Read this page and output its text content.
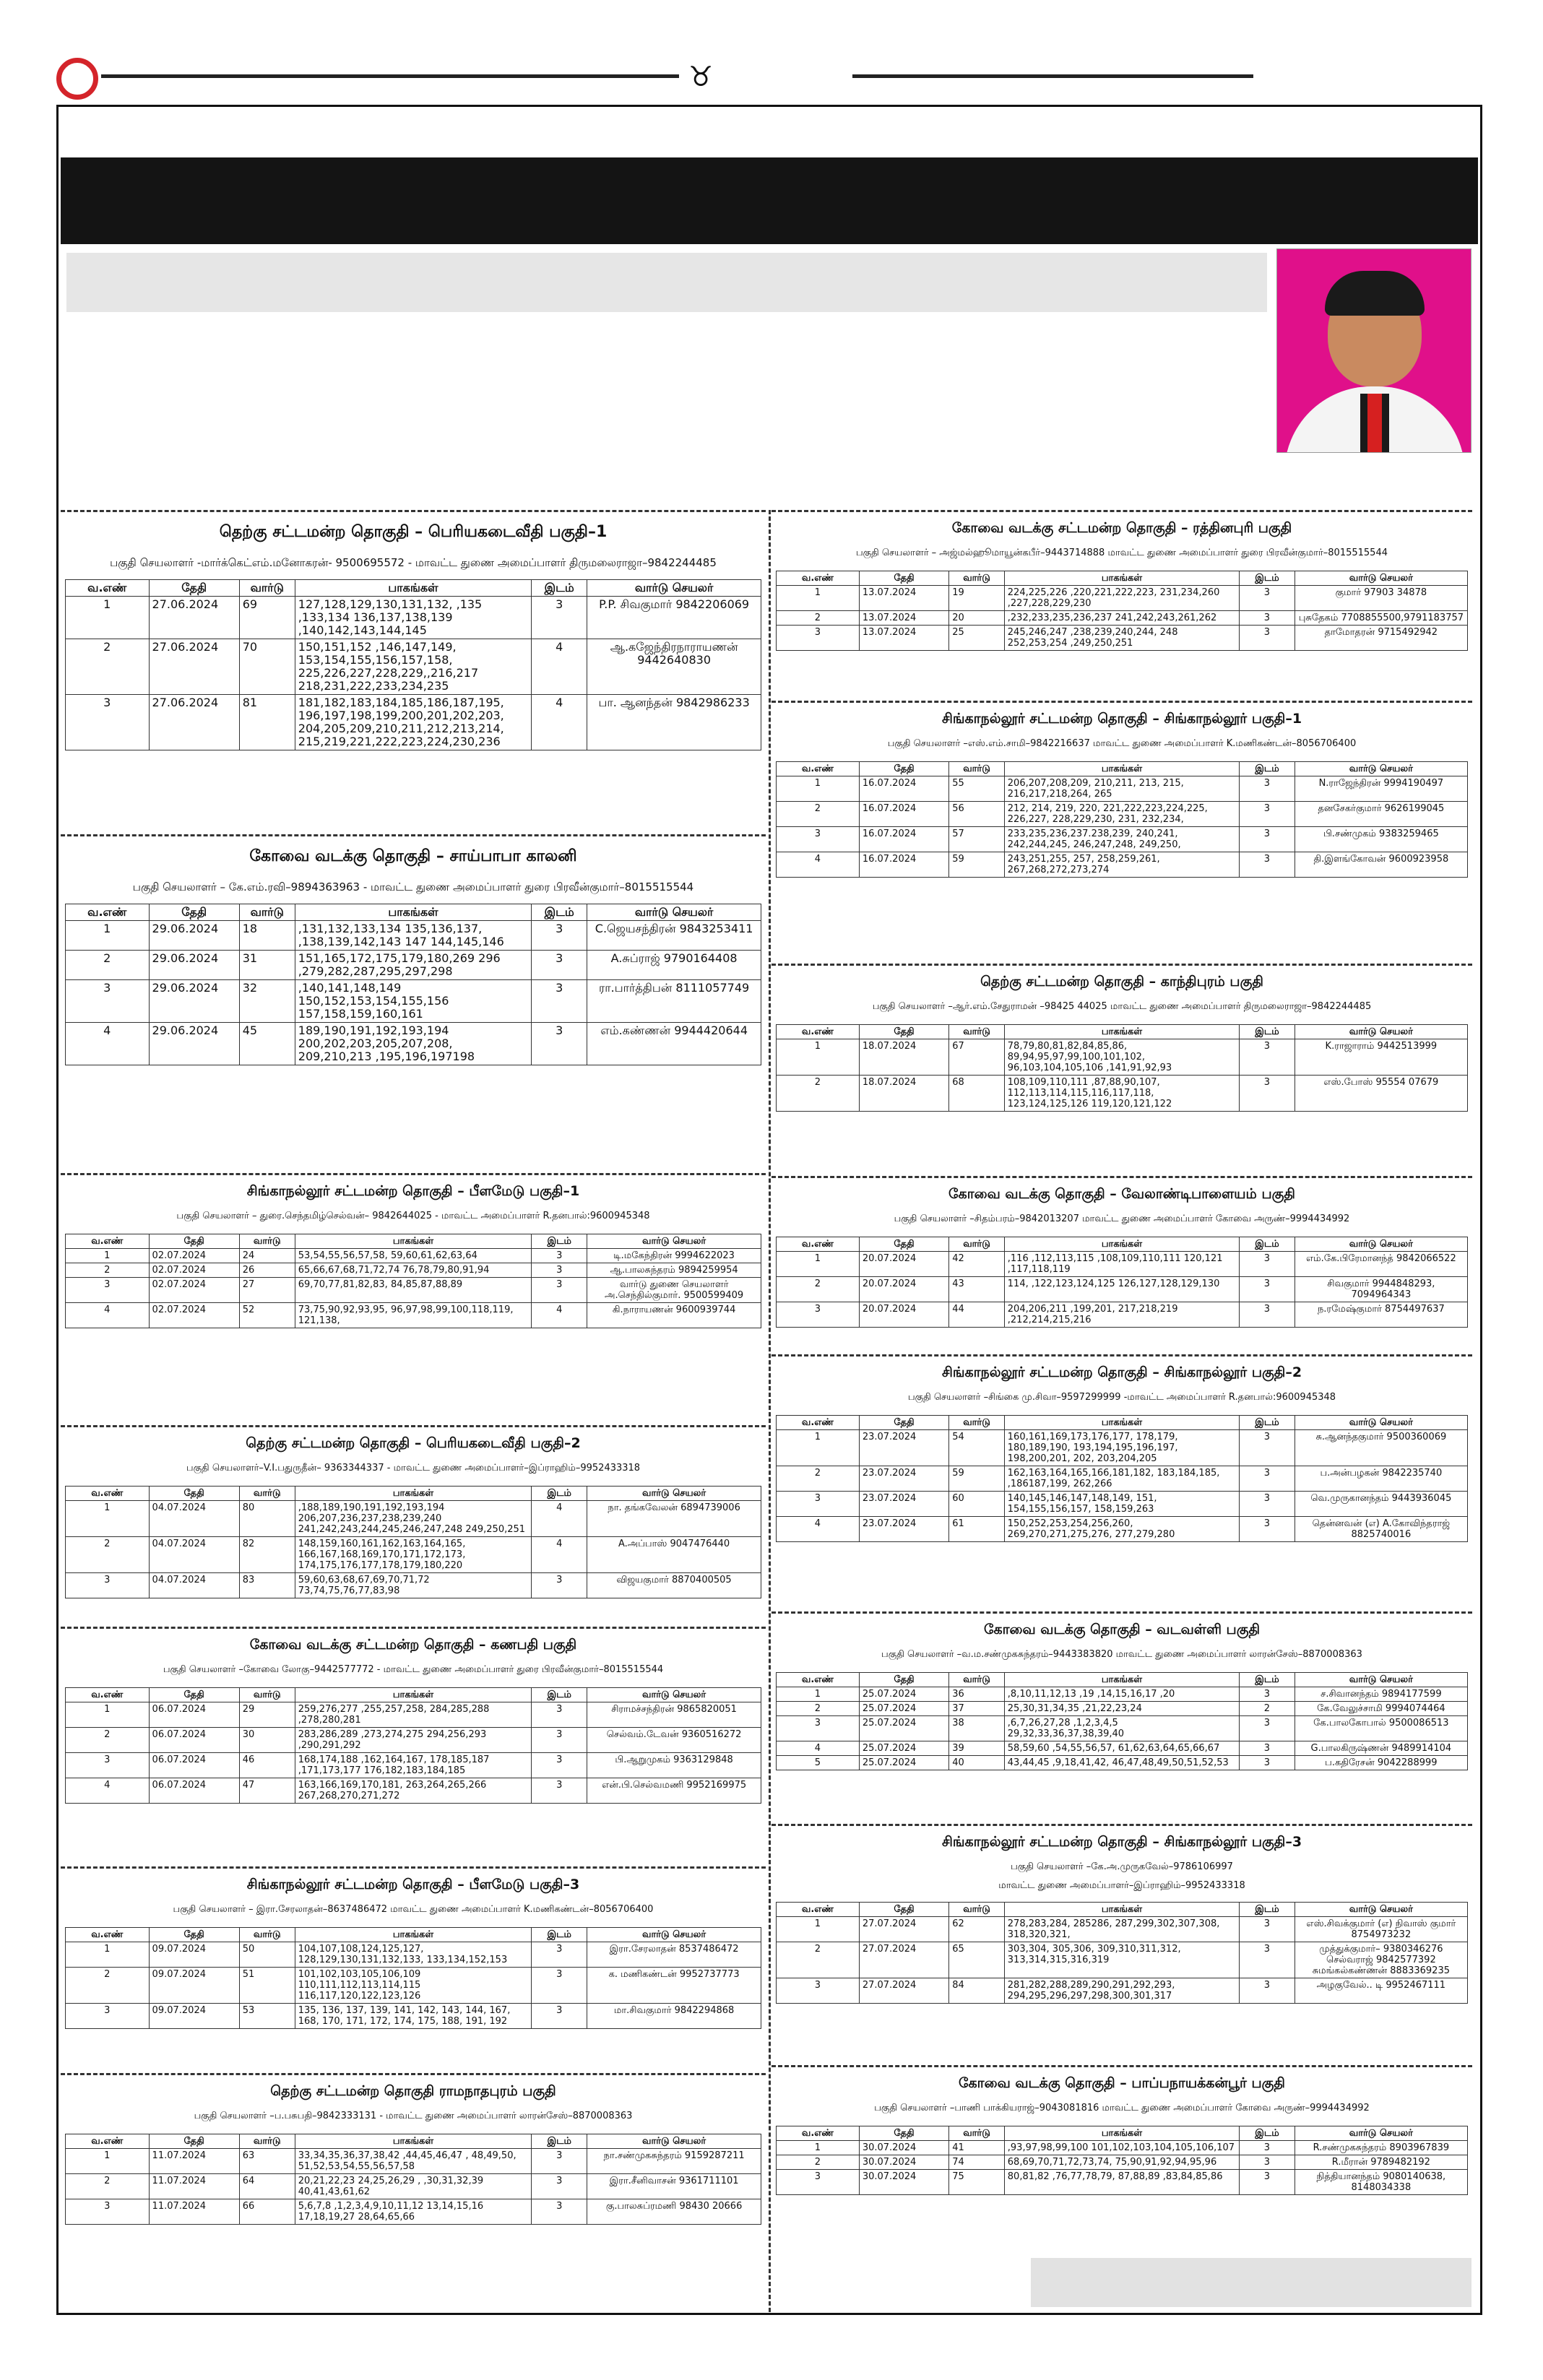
♉
தெற்கு சட்டமன்ற தொகுதி – பெரியகடைவீதி பகுதி–1
பகுதி செயலாளர் -மார்க்கெட்எம்.மனோகரன்- 9500695572 - மாவட்ட துணை அமைப்பாளர் திருமலைராஜா–9842244485
வ.எண்	தேதி	வார்டு	பாகங்கள்	இடம்	வார்டு செயலர்
1	27.06.2024	69	127,128,129,130,131,132, ,135 ,133,134 136,137,138,139 ,140,142,143,144,145	3	P.P. சிவகுமார் 9842206069
2	27.06.2024	70	150,151,152 ,146,147,149, 153,154,155,156,157,158, 225,226,227,228,229,,216,217 218,231,222,233,234,235	4	ஆ.கஜேந்திரநாராயணன் 9442640830
3	27.06.2024	81	181,182,183,184,185,186,187,195, 196,197,198,199,200,201,202,203, 204,205,209,210,211,212,213,214, 215,219,221,222,223,224,230,236	4	பா. ஆனந்தன் 9842986233
கோவை வடக்கு தொகுதி – சாய்பாபா காலனி
பகுதி செயலாளர் – கே.எம்.ரவி–9894363963 - மாவட்ட துணை அமைப்பாளர் துரை பிரவீன்குமார்–8015515544
வ.எண்	தேதி	வார்டு	பாகங்கள்	இடம்	வார்டு செயலர்
1	29.06.2024	18	,131,132,133,134 135,136,137, ,138,139,142,143 147 144,145,146	3	C.ஜெயசந்திரன் 9843253411
2	29.06.2024	31	151,165,172,175,179,180,269 296 ,279,282,287,295,297,298	3	A.சுப்ராஜ் 9790164408
3	29.06.2024	32	,140,141,148,149 150,152,153,154,155,156 157,158,159,160,161	3	ரா.பார்த்திபன் 8111057749
4	29.06.2024	45	189,190,191,192,193,194 200,202,203,205,207,208, 209,210,213 ,195,196,197198	3	எம்.கண்ணன் 9944420644
சிங்காநல்லூர் சட்டமன்ற தொகுதி – பீளமேடு பகுதி–1
பகுதி செயலாளர் – துரை.செந்தமிழ்செல்வன்– 9842644025 - மாவட்ட அமைப்பாளர் R.தனபால்:9600945348
வ.எண்	தேதி	வார்டு	பாகங்கள்	இடம்	வார்டு செயலர்
1	02.07.2024	24	53,54,55,56,57,58, 59,60,61,62,63,64	3	டி.மகேந்திரன் 9994622023
2	02.07.2024	26	65,66,67,68,71,72,74 76,78,79,80,91,94	3	ஆ.பாலசுந்தரம் 9894259954
3	02.07.2024	27	69,70,77,81,82,83, 84,85,87,88,89	3	வார்டு துணை செயலாளர் அ.செந்தில்குமார். 9500599409
4	02.07.2024	52	73,75,90,92,93,95, 96,97,98,99,100,118,119, 121,138,	4	கி.நாராயணன் 9600939744
தெற்கு சட்டமன்ற தொகுதி – பெரியகடைவீதி பகுதி–2
பகுதி செயலாளர்–V.I.பதுருதீன்– 9363344337 - மாவட்ட துணை அமைப்பாளர்–இப்ராஹிம்–9952433318
வ.எண்	தேதி	வார்டு	பாகங்கள்	இடம்	வார்டு செயலர்
1	04.07.2024	80	,188,189,190,191,192,193,194 206,207,236,237,238,239,240 241,242,243,244,245,246,247,248 249,250,251	4	நா. தங்கவேலன் 6894739006
2	04.07.2024	82	148,159,160,161,162,163,164,165, 166,167,168,169,170,171,172,173, 174,175,176,177,178,179,180,220	4	A.அப்பாஸ் 9047476440
3	04.07.2024	83	59,60,63,68,67,69,70,71,72 73,74,75,76,77,83,98	3	விஜயகுமார் 8870400505
கோவை வடக்கு சட்டமன்ற தொகுதி – கணபதி பகுதி
பகுதி செயலாளர் –கோவை லோகு–9442577772 - மாவட்ட துணை அமைப்பாளர் துரை பிரவீன்குமார்–8015515544
வ.எண்	தேதி	வார்டு	பாகங்கள்	இடம்	வார்டு செயலர்
1	06.07.2024	29	259,276,277 ,255,257,258, 284,285,288 ,278,280,281	3	சிராமச்சந்திரன் 9865820051
2	06.07.2024	30	283,286,289 ,273,274,275 294,256,293 ,290,291,292	3	செல்வம்.டேவன் 9360516272
3	06.07.2024	46	168,174,188 ,162,164,167, 178,185,187 ,171,173,177 176,182,183,184,185	3	பி.ஆறுமுகம் 9363129848
4	06.07.2024	47	163,166,169,170,181, 263,264,265,266 267,268,270,271,272	3	என்.பி.செல்வமணி 9952169975
சிங்காநல்லூர் சட்டமன்ற தொகுதி – பீளமேடு பகுதி–3
பகுதி செயலாளர் – இரா.சேரலாதன்–8637486472 மாவட்ட துணை அமைப்பாளர் K.மணிகண்டன்–8056706400
வ.எண்	தேதி	வார்டு	பாகங்கள்	இடம்	வார்டு செயலர்
1	09.07.2024	50	104,107,108,124,125,127, 128,129,130,131,132,133, 133,134,152,153	3	இரா.சேரலாதன் 8537486472
2	09.07.2024	51	101,102,103,105,106,109 110,111,112,113,114,115 116,117,120,122,123,126	3	க. மணிகண்டன் 9952737773
3	09.07.2024	53	135, 136, 137, 139, 141, 142, 143, 144, 167, 168, 170, 171, 172, 174, 175, 188, 191, 192	3	மா.சிவகுமார் 9842294868
தெற்கு சட்டமன்ற தொகுதி ராமநாதபுரம் பகுதி
பகுதி செயலாளர் –ப.பசுபதி–9842333131 - மாவட்ட துணை அமைப்பாளர் லாரன்சேஸ்–8870008363
வ.எண்	தேதி	வார்டு	பாகங்கள்	இடம்	வார்டு செயலர்
1	11.07.2024	63	33,34,35,36,37,38,42 ,44,45,46,47 , 48,49,50, 51,52,53,54,55,56,57,58	3	நா.சண்முகசுந்தரம் 9159287211
2	11.07.2024	64	20,21,22,23 24,25,26,29 , ,30,31,32,39 40,41,43,61,62	3	இரா.சீனிவாசன் 9361711101
3	11.07.2024	66	5,6,7,8 ,1,2,3,4,9,10,11,12 13,14,15,16 17,18,19,27 28,64,65,66	3	கு.பாலசுப்ரமணி 98430 20666
கோவை வடக்கு சட்டமன்ற தொகுதி – ரத்தினபுரி பகுதி
பகுதி செயலாளர் – அஜ்மல்ஹூமாயூன்கபீர்–9443714888 மாவட்ட துணை அமைப்பாளர் துரை பிரவீன்குமார்–8015515544
வ.எண்	தேதி	வார்டு	பாகங்கள்	இடம்	வார்டு செயலர்
1	13.07.2024	19	224,225,226 ,220,221,222,223, 231,234,260 ,227,228,229,230	3	குமார் 97903 34878
2	13.07.2024	20	,232,233,235,236,237 241,242,243,261,262	3	புசுதேகம் 7708855500,9791183757
3	13.07.2024	25	245,246,247 ,238,239,240,244, 248 252,253,254 ,249,250,251	3	தாமோதரன் 9715492942
சிங்காநல்லூர் சட்டமன்ற தொகுதி – சிங்காநல்லூர் பகுதி–1
பகுதி செயலாளர் –எஸ்.எம்.சாமி–9842216637 மாவட்ட துணை அமைப்பாளர் K.மணிகண்டன்–8056706400
வ.எண்	தேதி	வார்டு	பாகங்கள்	இடம்	வார்டு செயலர்
1	16.07.2024	55	206,207,208,209, 210,211, 213, 215, 216,217,218,264, 265	3	N.ராஜேந்திரன் 9994190497
2	16.07.2024	56	212, 214, 219, 220, 221,222,223,224,225, 226,227, 228,229,230, 231, 232,234,	3	தனசேகர்குமார் 9626199045
3	16.07.2024	57	233,235,236,237.238,239, 240,241, 242,244,245, 246,247,248, 249,250,	3	பி.சண்முகம் 9383259465
4	16.07.2024	59	243,251,255, 257, 258,259,261, 267,268,272,273,274	3	தி.இளங்கோவன் 9600923958
தெற்கு சட்டமன்ற தொகுதி – காந்திபுரம் பகுதி
பகுதி செயலாளர் –ஆர்.எம்.சேதுராமன் –98425 44025 மாவட்ட துணை அமைப்பாளர் திருமலைராஜா–9842244485
வ.எண்	தேதி	வார்டு	பாகங்கள்	இடம்	வார்டு செயலர்
1	18.07.2024	67	78,79,80,81,82,84,85,86, 89,94,95,97,99,100,101,102, 96,103,104,105,106 ,141,91,92,93	3	K.ராஜாராம் 9442513999
2	18.07.2024	68	108,109,110,111 ,87,88,90,107, 112,113,114,115,116,117,118, 123,124,125,126 119,120,121,122	3	எஸ்.போஸ் 95554 07679
கோவை வடக்கு தொகுதி – வேலாண்டிபாளையம் பகுதி
பகுதி செயலாளர் –சிதம்பரம்–9842013207 மாவட்ட துணை அமைப்பாளர் கோவை அருண்–9994434992
வ.எண்	தேதி	வார்டு	பாகங்கள்	இடம்	வார்டு செயலர்
1	20.07.2024	42	,116 ,112,113,115 ,108,109,110,111 120,121 ,117,118,119	3	எம்.கே.பிரேமானந்த் 9842066522
2	20.07.2024	43	114, ,122,123,124,125 126,127,128,129,130	3	சிவகுமார் 9944848293, 7094964343
3	20.07.2024	44	204,206,211 ,199,201, 217,218,219 ,212,214,215,216	3	ந.ரமேஷ்குமார் 8754497637
சிங்காநல்லூர் சட்டமன்ற தொகுதி – சிங்காநல்லூர் பகுதி–2
பகுதி செயலாளர் –சிங்கை மு.சிவா–9597299999 -மாவட்ட அமைப்பாளர் R.தனபால்:9600945348
வ.எண்	தேதி	வார்டு	பாகங்கள்	இடம்	வார்டு செயலர்
1	23.07.2024	54	160,161,169,173,176,177, 178,179, 180,189,190, 193,194,195,196,197, 198,200,201, 202, 203,204,205	3	சு.ஆனந்தகுமார் 9500360069
2	23.07.2024	59	162,163,164,165,166,181,182, 183,184,185, ,186187,199, 262,266	3	ப.அன்பழகன் 9842235740
3	23.07.2024	60	140,145,146,147,148,149, 151, 154,155,156,157, 158,159,263	3	வெ.முருகானந்தம் 9443936045
4	23.07.2024	61	150,252,253,254,256,260, 269,270,271,275,276, 277,279,280	3	தென்னவன் (எ) A.கோவிந்தராஜ் 8825740016
கோவை வடக்கு தொகுதி – வடவள்ளி பகுதி
பகுதி செயலாளர் –வ.ம.சண்முகசுந்தரம்–9443383820 மாவட்ட துணை அமைப்பாளர் லாரன்சேஸ்–8870008363
வ.எண்	தேதி	வார்டு	பாகங்கள்	இடம்	வார்டு செயலர்
1	25.07.2024	36	,8,10,11,12,13 ,19 ,14,15,16,17 ,20	3	ச.சிவானந்தம் 9894177599
2	25.07.2024	37	25,30,31,34,35 ,21,22,23,24	2	கே.வேலுச்சாமி 9994074464
3	25.07.2024	38	,6,7,26,27,28 ,1,2,3,4,5 29,32,33,36,37,38,39,40	3	கே.பாலகோபால் 9500086513
4	25.07.2024	39	58,59,60 ,54,55,56,57, 61,62,63,64,65,66,67	3	G.பாலகிருஷ்ணன் 9489914104
5	25.07.2024	40	43,44,45 ,9,18,41,42, 46,47,48,49,50,51,52,53	3	ப.கதிரேசன் 9042288999
சிங்காநல்லூர் சட்டமன்ற தொகுதி – சிங்காநல்லூர் பகுதி–3
பகுதி செயலாளர் –கே.அ.முருகவேல்–9786106997
மாவட்ட துணை அமைப்பாளர்–இப்ராஹிம்–9952433318
வ.எண்	தேதி	வார்டு	பாகங்கள்	இடம்	வார்டு செயலர்
1	27.07.2024	62	278,283,284, 285286, 287,299,302,307,308, 318,320,321,	3	எஸ்.சிவக்குமார் (எ) நிவாஸ் குமார் 8754973232
2	27.07.2024	65	303,304, 305,306, 309,310,311,312, 313,314,315,316,319	3	முத்துக்குமார்– 9380346276 செல்வராஜ் 9842577392 சுமங்கல்கண்ணன் 8883369235
3	27.07.2024	84	281,282,288,289,290,291,292,293, 294,295,296,297,298,300,301,317	3	அழகுவேல்.. டி 9952467111
கோவை வடக்கு தொகுதி – பாப்பநாயக்கன்பூர் பகுதி
பகுதி செயலாளர் –பாணி பாக்கியராஜ்–9043081816 மாவட்ட துணை அமைப்பாளர் கோவை அருண்–9994434992
வ.எண்	தேதி	வார்டு	பாகங்கள்	இடம்	வார்டு செயலர்
1	30.07.2024	41	,93,97,98,99,100 101,102,103,104,105,106,107	3	R.சண்முகசுந்தரம் 8903967839
2	30.07.2024	74	68,69,70,71,72,73,74, 75,90,91,92,94,95,96	3	R.மீரான் 9789482192
3	30.07.2024	75	80,81,82 ,76,77,78,79, 87,88,89 ,83,84,85,86	3	நித்தியானந்தம் 9080140638, 8148034338
